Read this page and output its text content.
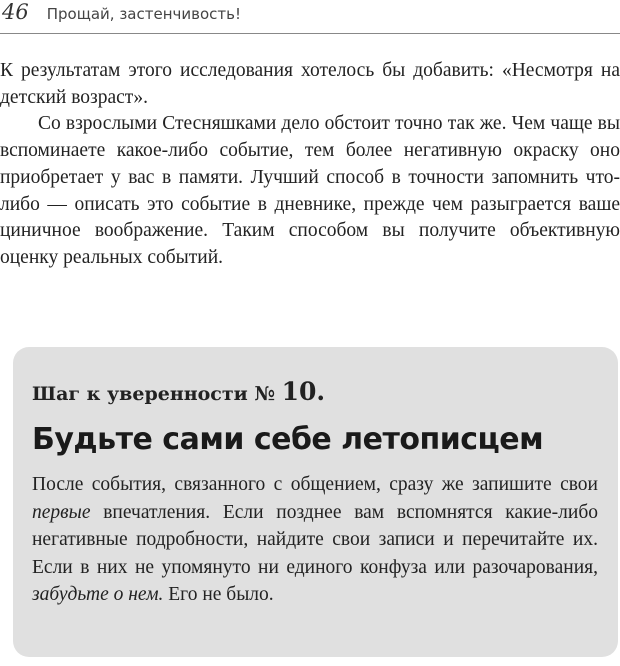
46 Прощай, застенчивость!

К результатам этого исследования хотелось бы добавить: «Несмотря на детский возраст».

Со взрослыми Стесняшками дело обстоит точно так же. Чем чаще вы вспоминаете какое-либо событие, тем более негативную окраску оно приобретает у вас в памяти. Лучший способ в точности запомнить что-либо — описать это событие в дневнике, прежде чем разыграется ваше циничное воображение. Таким способом вы получите объективную оценку реальных событий.

Шаг к уверенности № 10.
Будьте сами себе летописцем
После события, связанного с общением, сразу же запишите свои первые впечатления. Если позднее вам вспомнятся какие-либо негативные подробности, найдите свои записи и перечитайте их. Если в них не упомянуто ни единого конфуза или разочарования, забудьте о нем. Его не было.
